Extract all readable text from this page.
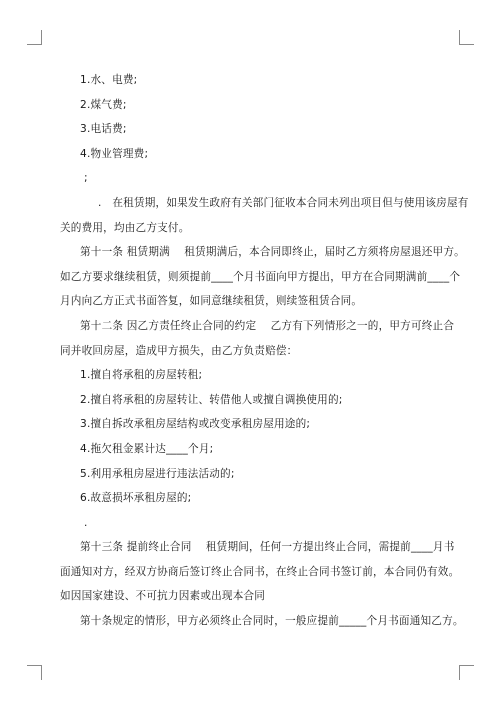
1.水、电费;

2.煤气费;

3.电话费;

4.物业管理费;

;

.　在租赁期，如果发生政府有关部门征收本合同未列出项目但与使用该房屋有

关的费用，均由乙方支付。

第十一条 租赁期满　 租赁期满后，本合同即终止，届时乙方须将房屋退还甲方。

如乙方要求继续租赁，则须提前____个月书面向甲方提出，甲方在合同期满前____个

月内向乙方正式书面答复，如同意继续租赁，则续签租赁合同。

第十二条 因乙方责任终止合同的约定　 乙方有下列情形之一的，甲方可终止合

同并收回房屋，造成甲方损失，由乙方负责赔偿：

1.擅自将承租的房屋转租;

2.擅自将承租的房屋转让、转借他人或擅自调换使用的;

3.擅自拆改承租房屋结构或改变承租房屋用途的;

4.拖欠租金累计达____个月;

5.利用承租房屋进行违法活动的;

6.故意损坏承租房屋的;

.

第十三条 提前终止合同　 租赁期间，任何一方提出终止合同，需提前____月书

面通知对方，经双方协商后签订终止合同书，在终止合同书签订前，本合同仍有效。

如因国家建设、不可抗力因素或出现本合同

第十条规定的情形，甲方必须终止合同时，一般应提前_____个月书面通知乙方。
